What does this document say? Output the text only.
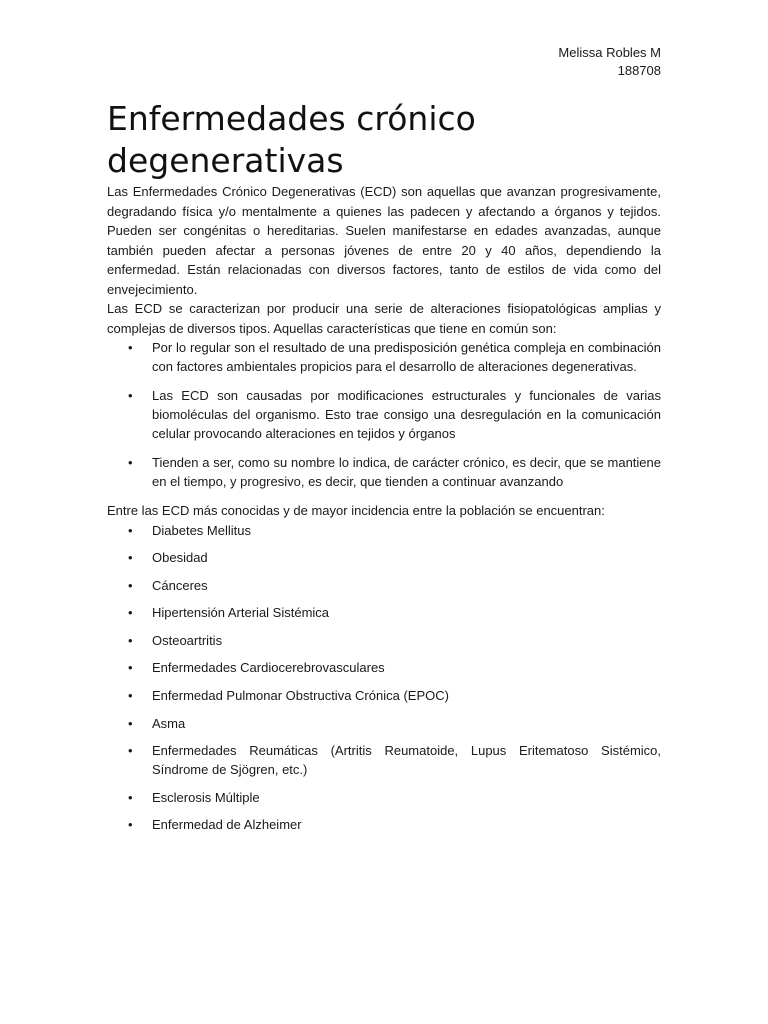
Melissa Robles M
188708
Enfermedades crónico degenerativas

Las Enfermedades Crónico Degenerativas (ECD) son aquellas que avanzan progresivamente, degradando física y/o mentalmente a quienes las padecen y afectando a órganos y tejidos. Pueden ser congénitas o hereditarias. Suelen manifestarse en edades avanzadas, aunque también pueden afectar a personas jóvenes de entre 20 y 40 años, dependiendo la enfermedad. Están relacionadas con diversos factores, tanto de estilos de vida como del envejecimiento.

Las ECD se caracterizan por producir una serie de alteraciones fisiopatológicas amplias y complejas de diversos tipos. Aquellas características que tiene en común son:

• Por lo regular son el resultado de una predisposición genética compleja en combinación con factores ambientales propicios para el desarrollo de alteraciones degenerativas.
• Las ECD son causadas por modificaciones estructurales y funcionales de varias biomoléculas del organismo. Esto trae consigo una desregulación en la comunicación celular provocando alteraciones en tejidos y órganos
• Tienden a ser, como su nombre lo indica, de carácter crónico, es decir, que se mantiene en el tiempo, y progresivo, es decir, que tienden a continuar avanzando

Entre las ECD más conocidas y de mayor incidencia entre la población se encuentran:

• Diabetes Mellitus
• Obesidad
• Cánceres
• Hipertensión Arterial Sistémica
• Osteoartritis
• Enfermedades Cardiocerebrovasculares
• Enfermedad Pulmonar Obstructiva Crónica (EPOC)
• Asma
• Enfermedades Reumáticas (Artritis Reumatoide, Lupus Eritematoso Sistémico, Síndrome de Sjögren, etc.)
• Esclerosis Múltiple
• Enfermedad de Alzheimer
